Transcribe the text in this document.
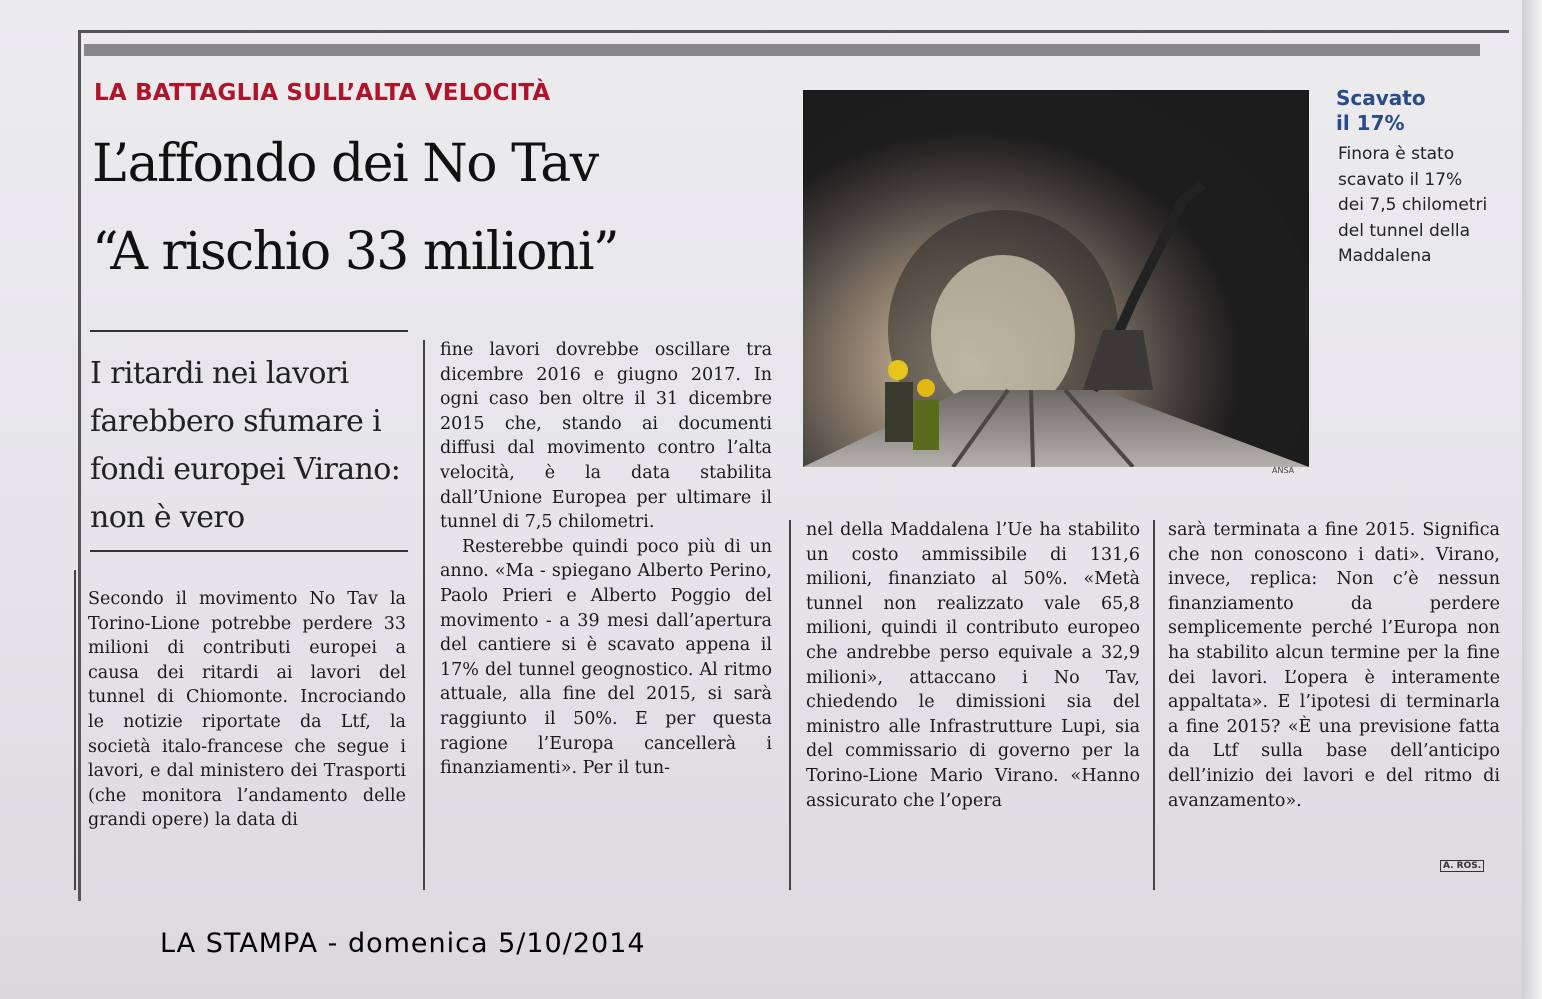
LA BATTAGLIA SULL’ALTA VELOCITÀ
L’affondo dei No Tav
“A rischio 33 milioni”
I ritardi nei lavori farebbero sfumare i fondi europei Virano: non è vero

Secondo il movimento No Tav la Torino-Lione potrebbe perdere 33 milioni di contributi europei a causa dei ritardi ai lavori del tunnel di Chiomonte. Incrociando le notizie riportate da Ltf, la società italo-francese che segue i lavori, e dal ministero dei Trasporti (che monitora l’andamento delle grandi opere) la data di

fine lavori dovrebbe oscillare tra dicembre 2016 e giugno 2017. In ogni caso ben oltre il 31 dicembre 2015 che, stando ai documenti diffusi dal movimento contro l’alta velocità, è la data stabilita dall’Unione Europea per ultimare il tunnel di 7,5 chilometri.

Resterebbe quindi poco più di un anno. «Ma - spiegano Alberto Perino, Paolo Prieri e Alberto Poggio del movimento - a 39 mesi dall’apertura del cantiere si è scavato appena il 17% del tunnel geognostico. Al ritmo attuale, alla fine del 2015, si sarà raggiunto il 50%. E per questa ragione l’Europa cancellerà i finanziamenti». Per il tun-

nel della Maddalena l’Ue ha stabilito un costo ammissibile di 131,6 milioni, finanziato al 50%. «Metà tunnel non realizzato vale 65,8 milioni, quindi il contributo europeo che andrebbe perso equivale a 32,9 milioni», attaccano i No Tav, chiedendo le dimissioni sia del ministro alle Infrastrutture Lupi, sia del commissario di governo per la Torino-Lione Mario Virano. «Hanno assicurato che l’opera

sarà terminata a fine 2015. Significa che non conoscono i dati». Virano, invece, replica: Non c’è nessun finanziamento da perdere semplicemente perché l’Europa non ha stabilito alcun termine per la fine dei lavori. L’opera è interamente appaltata». E l’ipotesi di terminarla a fine 2015? «È una previsione fatta da Ltf sulla base dell’anticipo dell’inizio dei lavori e del ritmo di avanzamento».

ANSA
Scavato il 17%
Finora è stato scavato il 17% dei 7,5 chilometri del tunnel della Maddalena
A. ROS.
LA STAMPA - domenica 5/10/2014
